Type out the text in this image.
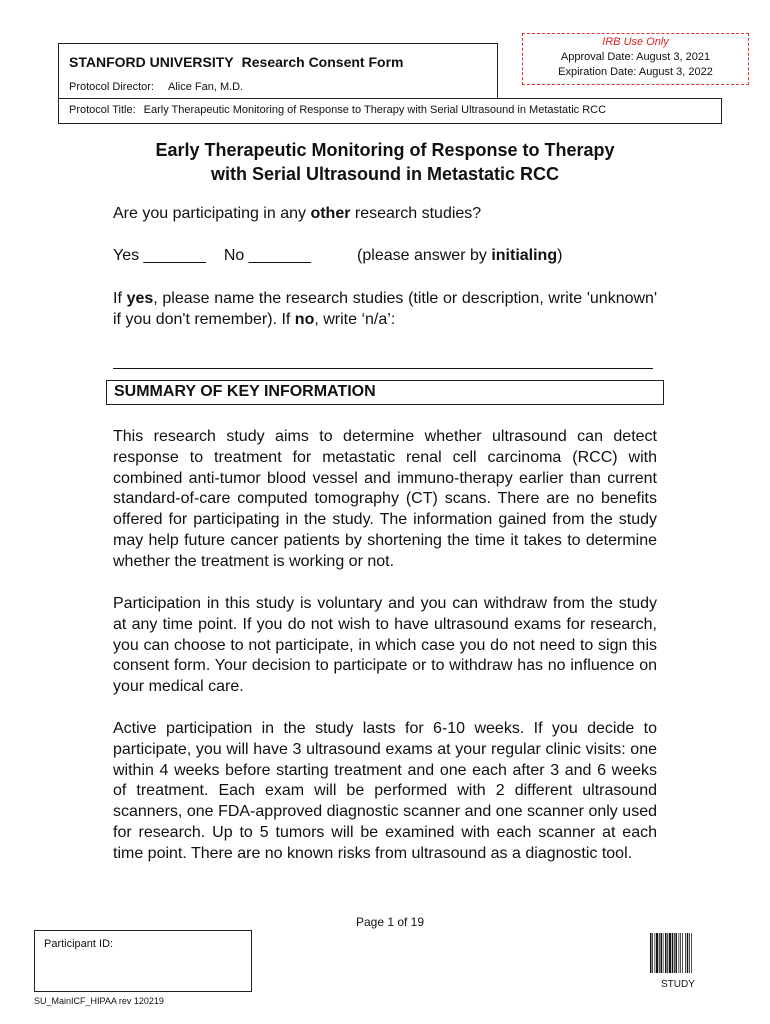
STANFORD UNIVERSITY Research Consent Form
Protocol Director: Alice Fan, M.D.
Protocol Title: Early Therapeutic Monitoring of Response to Therapy with Serial Ultrasound in Metastatic RCC
IRB Use Only
Approval Date: August 3, 2021
Expiration Date: August 3, 2022
Early Therapeutic Monitoring of Response to Therapy
with Serial Ultrasound in Metastatic RCC
Are you participating in any other research studies?
Yes _______ No _______	(please answer by initialing)
If yes, please name the research studies (title or description, write 'unknown' if you don't remember). If no, write ‘n/a’:
SUMMARY OF KEY INFORMATION
This research study aims to determine whether ultrasound can detect response to treatment for metastatic renal cell carcinoma (RCC) with combined anti-tumor blood vessel and immuno-therapy earlier than current standard-of-care computed tomography (CT) scans. There are no benefits offered for participating in the study. The information gained from the study may help future cancer patients by shortening the time it takes to determine whether the treatment is working or not.
Participation in this study is voluntary and you can withdraw from the study at any time point. If you do not wish to have ultrasound exams for research, you can choose to not participate, in which case you do not need to sign this consent form. Your decision to participate or to withdraw has no influence on your medical care.
Active participation in the study lasts for 6-10 weeks. If you decide to participate, you will have 3 ultrasound exams at your regular clinic visits: one within 4 weeks before starting treatment and one each after 3 and 6 weeks of treatment. Each exam will be performed with 2 different ultrasound scanners, one FDA-approved diagnostic scanner and one scanner only used for research. Up to 5 tumors will be examined with each scanner at each time point. There are no known risks from ultrasound as a diagnostic tool.
Page 1 of 19
Participant ID:
SU_MainICF_HIPAA rev 120219
STUDY
